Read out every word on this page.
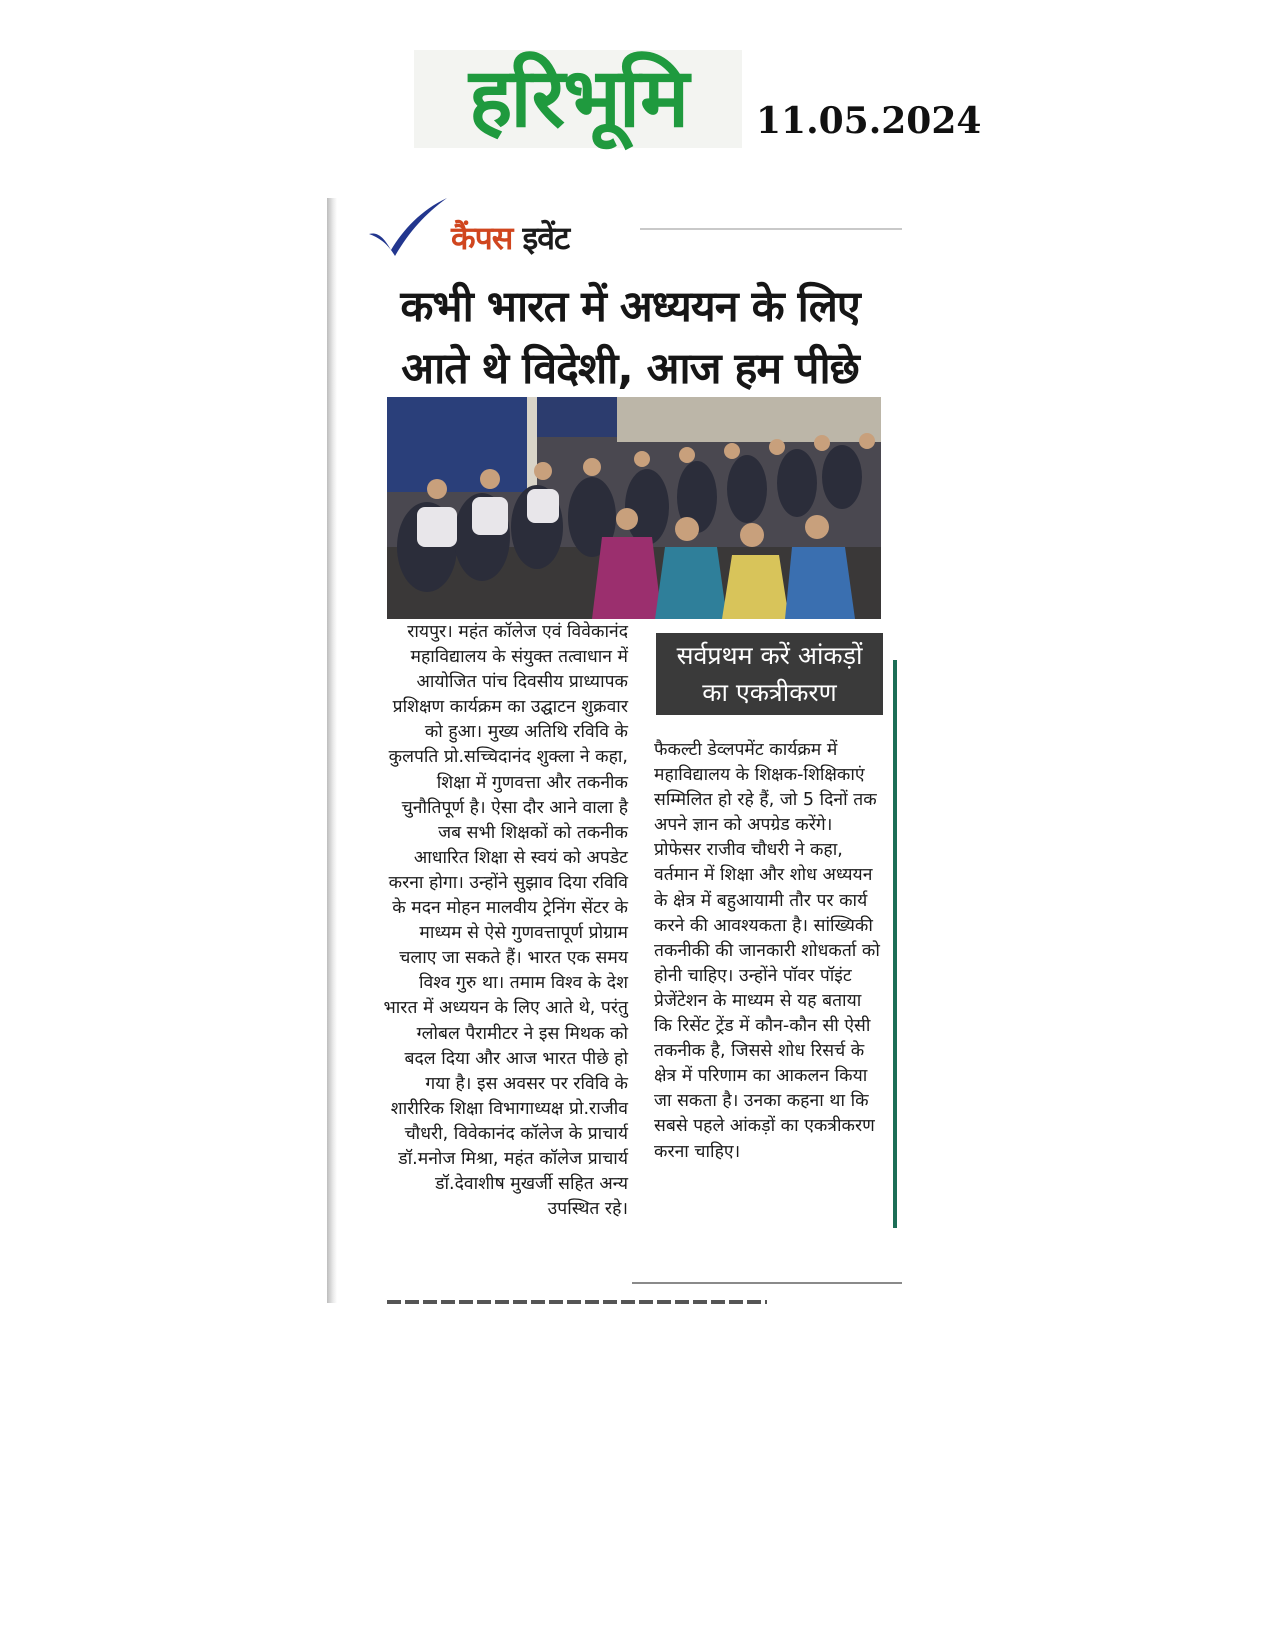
हरिभूमि 11.05.2024
कैंपस इवेंट
कभी भारत में अध्ययन के लिए
आते थे विदेशी, आज हम पीछे
रायपुर। महंत कॉलेज एवं विवेकानंद महाविद्यालय के संयुक्त तत्वाधान में आयोजित पांच दिवसीय प्राध्यापक प्रशिक्षण कार्यक्रम का उद्घाटन शुक्रवार को हुआ। मुख्य अतिथि रविवि के कुलपति प्रो.सच्चिदानंद शुक्ला ने कहा, शिक्षा में गुणवत्ता और तकनीक चुनौतिपूर्ण है। ऐसा दौर आने वाला है जब सभी शिक्षकों को तकनीक आधारित शिक्षा से स्वयं को अपडेट करना होगा। उन्होंने सुझाव दिया रविवि के मदन मोहन मालवीय ट्रेनिंग सेंटर के माध्यम से ऐसे गुणवत्तापूर्ण प्रोग्राम चलाए जा सकते हैं। भारत एक समय विश्व गुरु था। तमाम विश्व के देश भारत में अध्ययन के लिए आते थे, परंतु ग्लोबल पैरामीटर ने इस मिथक को बदल दिया और आज भारत पीछे हो गया है। इस अवसर पर रविवि के शारीरिक शिक्षा विभागाध्यक्ष प्रो.राजीव चौधरी, विवेकानंद कॉलेज के प्राचार्य डॉ.मनोज मिश्रा, महंत कॉलेज प्राचार्य डॉ.देवाशीष मुखर्जी सहित अन्य उपस्थित रहे।
सर्वप्रथम करें आंकड़ों
का एकत्रीकरण
फैकल्टी डेव्लपमेंट कार्यक्रम में महाविद्यालय के शिक्षक-शिक्षिकाएं सम्मिलित हो रहे हैं, जो 5 दिनों तक अपने ज्ञान को अपग्रेड करेंगे। प्रोफेसर राजीव चौधरी ने कहा, वर्तमान में शिक्षा और शोध अध्ययन के क्षेत्र में बहुआयामी तौर पर कार्य करने की आवश्यकता है। सांख्यिकी तकनीकी की जानकारी शोधकर्ता को होनी चाहिए। उन्होंने पॉवर पॉइंट प्रेजेंटेशन के माध्यम से यह बताया कि रिसेंट ट्रेंड में कौन-कौन सी ऐसी तकनीक है, जिससे शोध रिसर्च के क्षेत्र में परिणाम का आकलन किया जा सकता है। उनका कहना था कि सबसे पहले आंकड़ों का एकत्रीकरण करना चाहिए।
